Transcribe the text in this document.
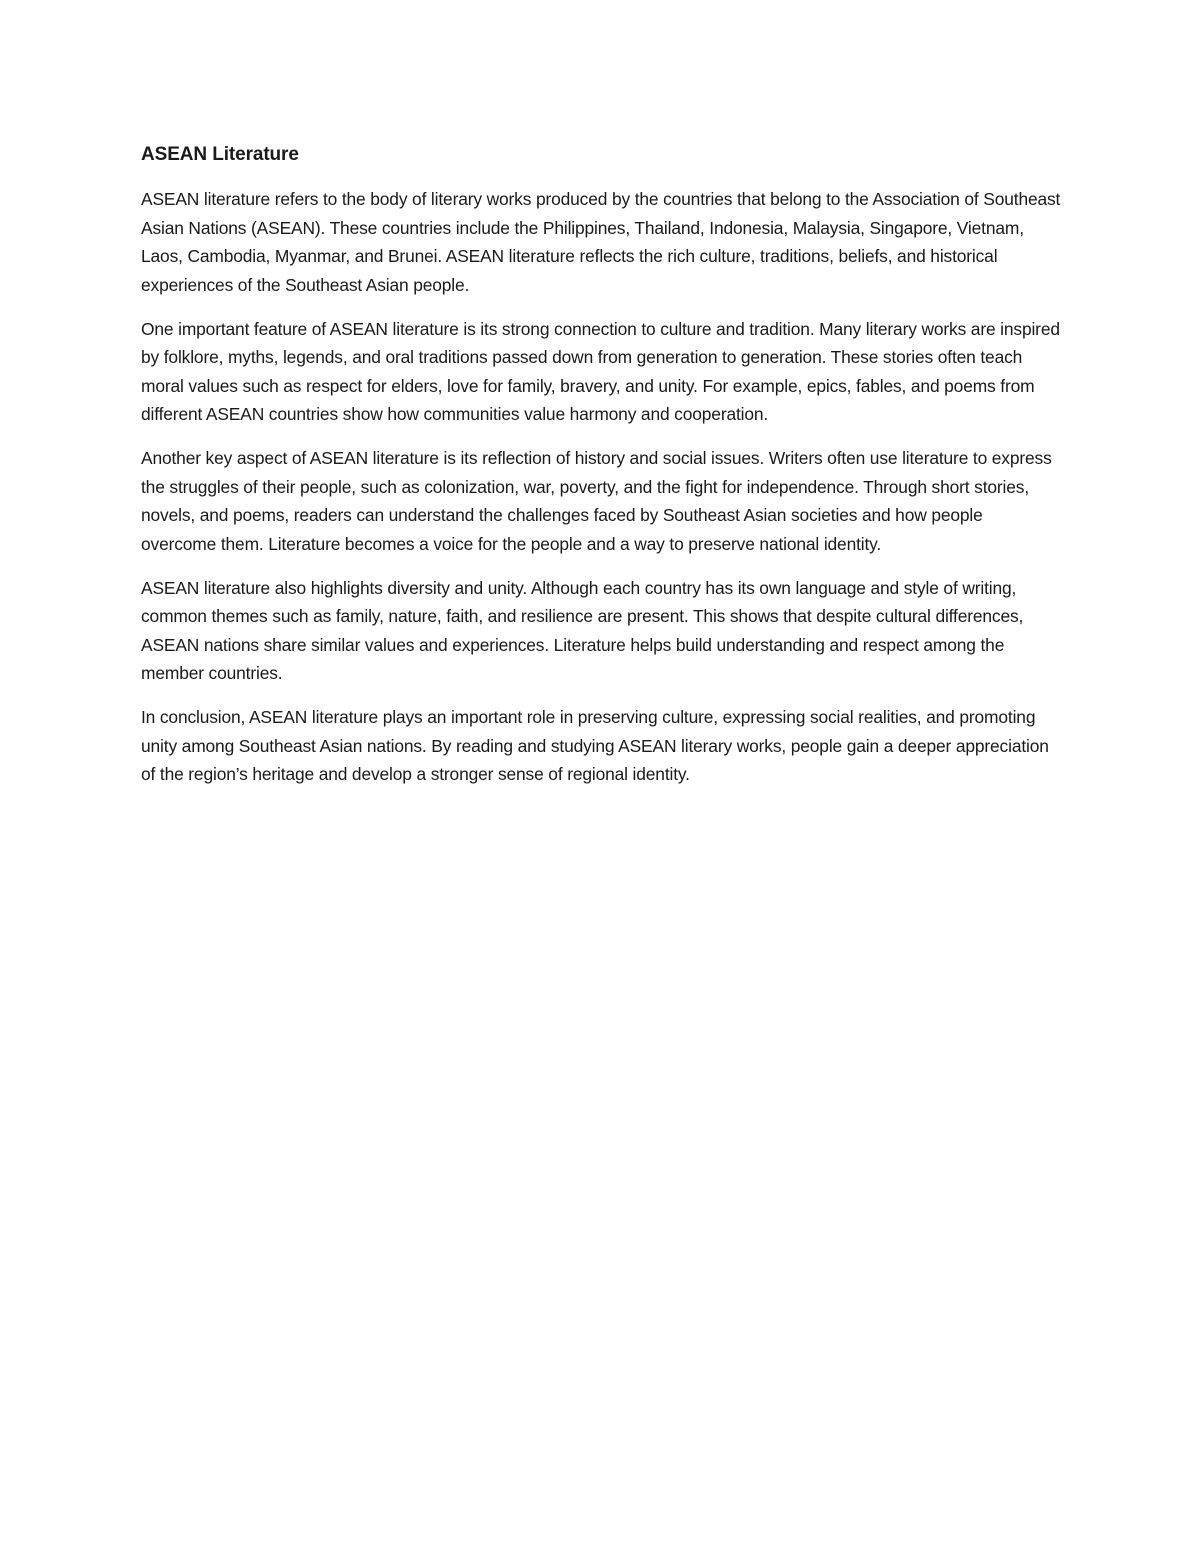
ASEAN Literature

ASEAN literature refers to the body of literary works produced by the countries that belong to the Association of Southeast Asian Nations (ASEAN). These countries include the Philippines, Thailand, Indonesia, Malaysia, Singapore, Vietnam, Laos, Cambodia, Myanmar, and Brunei. ASEAN literature reflects the rich culture, traditions, beliefs, and historical experiences of the Southeast Asian people.

One important feature of ASEAN literature is its strong connection to culture and tradition. Many literary works are inspired by folklore, myths, legends, and oral traditions passed down from generation to generation. These stories often teach moral values such as respect for elders, love for family, bravery, and unity. For example, epics, fables, and poems from different ASEAN countries show how communities value harmony and cooperation.

Another key aspect of ASEAN literature is its reflection of history and social issues. Writers often use literature to express the struggles of their people, such as colonization, war, poverty, and the fight for independence. Through short stories, novels, and poems, readers can understand the challenges faced by Southeast Asian societies and how people overcome them. Literature becomes a voice for the people and a way to preserve national identity.

ASEAN literature also highlights diversity and unity. Although each country has its own language and style of writing, common themes such as family, nature, faith, and resilience are present. This shows that despite cultural differences, ASEAN nations share similar values and experiences. Literature helps build understanding and respect among the member countries.

In conclusion, ASEAN literature plays an important role in preserving culture, expressing social realities, and promoting unity among Southeast Asian nations. By reading and studying ASEAN literary works, people gain a deeper appreciation of the region’s heritage and develop a stronger sense of regional identity.
